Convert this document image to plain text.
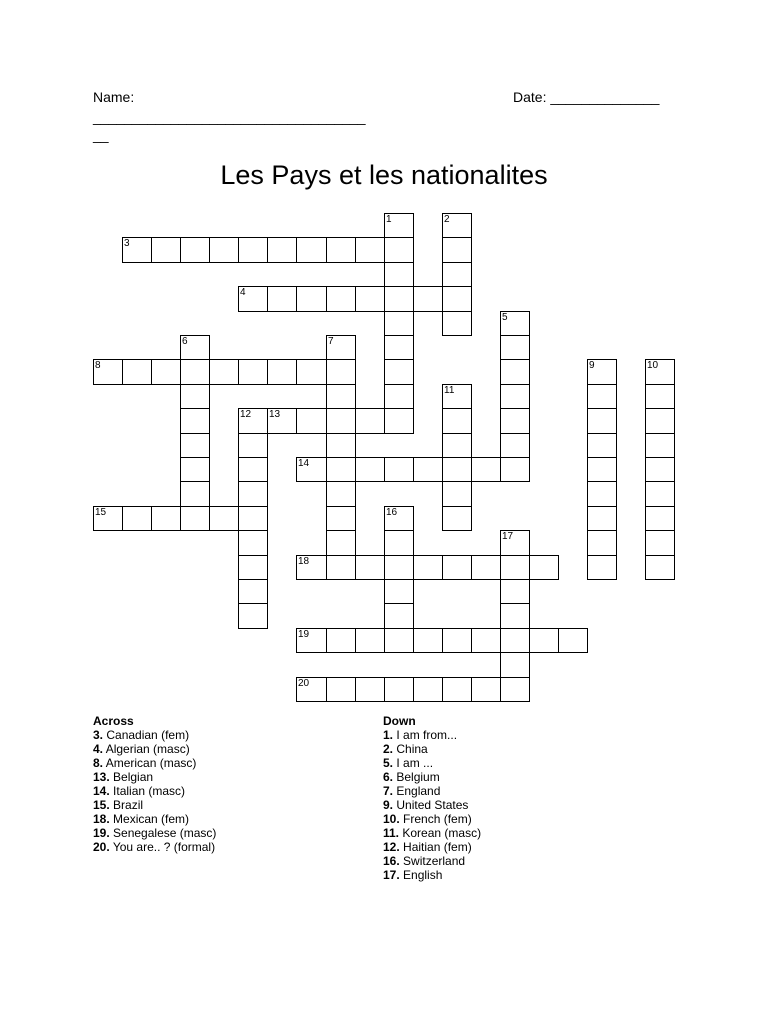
Name:
___________________________________
__
Date: ______________
Les Pays et les nationalites
1	2
3
4
5
6	7
8	9	10
11
12 13
14
15	16
17
18
19
20
Across
3. Canadian (fem)
4. Algerian (masc)
8. American (masc)
13. Belgian
14. Italian (masc)
15. Brazil
18. Mexican (fem)
19. Senegalese (masc)
20. You are.. ? (formal)
Down
1. I am from...
2. China
5. I am ...
6. Belgium
7. England
9. United States
10. French (fem)
11. Korean (masc)
12. Haitian (fem)
16. Switzerland
17. English
